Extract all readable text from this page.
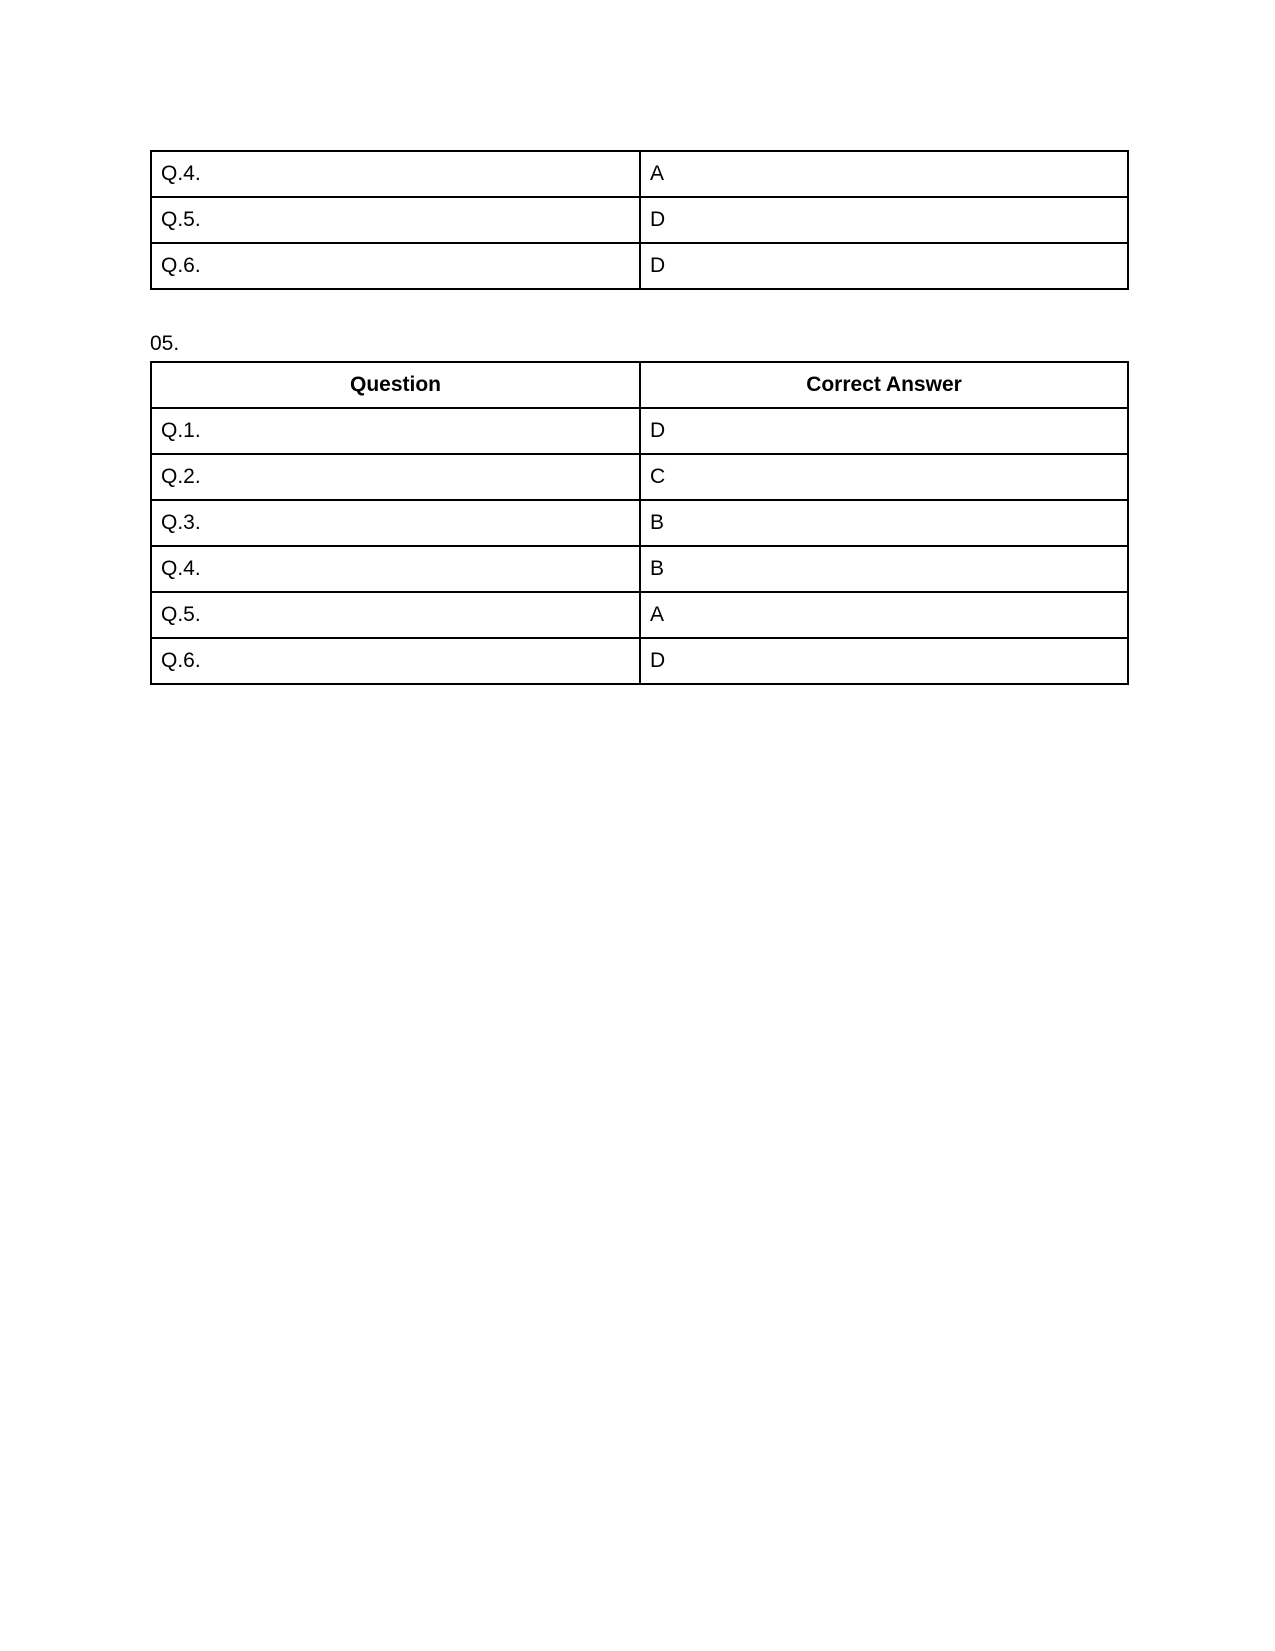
Q.4.	A
Q.5.	D
Q.6.	D
05.
Question	Correct Answer
Q.1.	D
Q.2.	C
Q.3.	B
Q.4.	B
Q.5.	A
Q.6.	D
